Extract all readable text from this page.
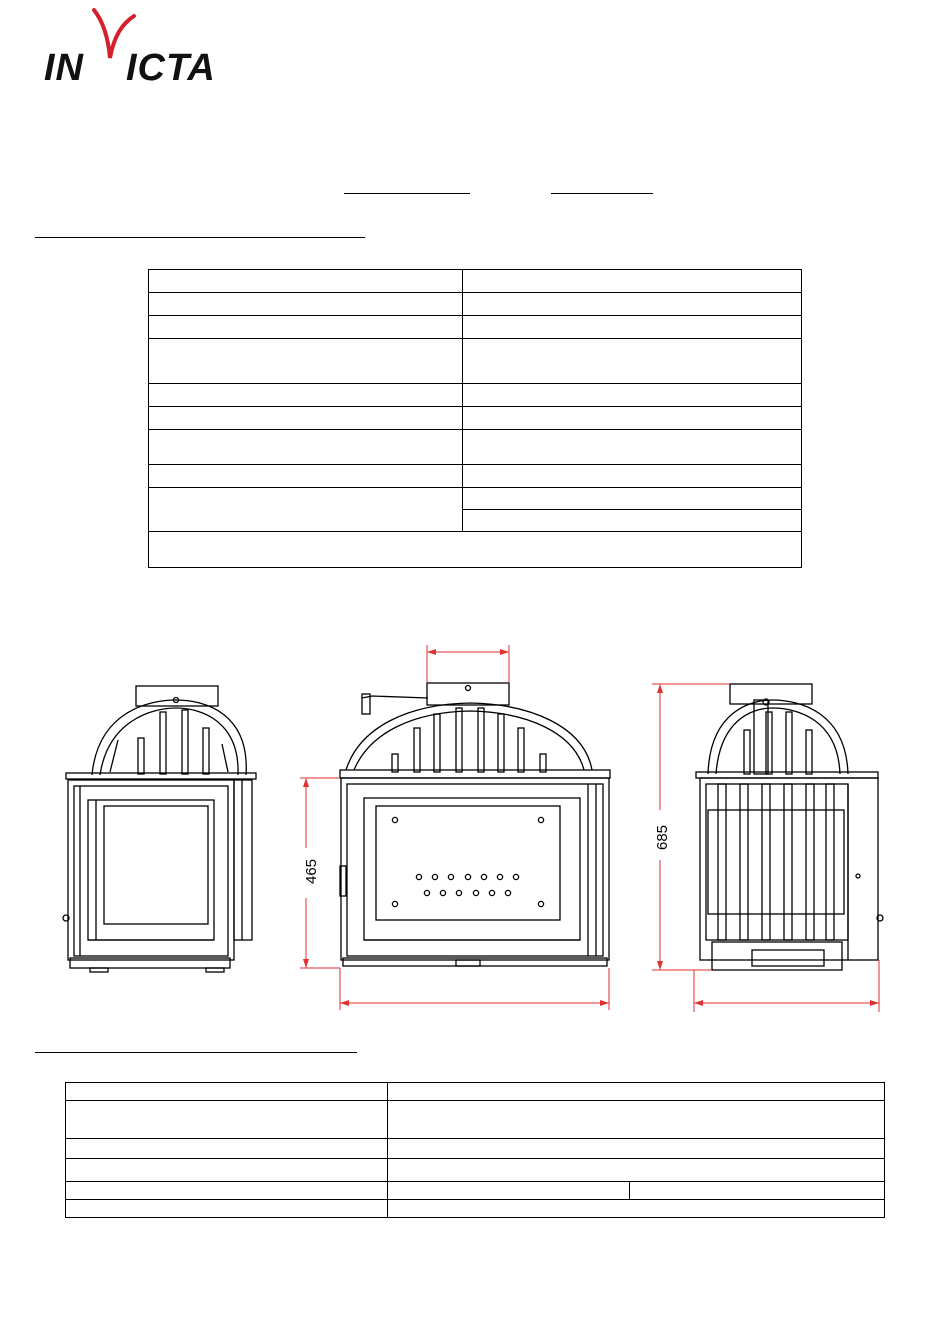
IN ICTA

465
685
